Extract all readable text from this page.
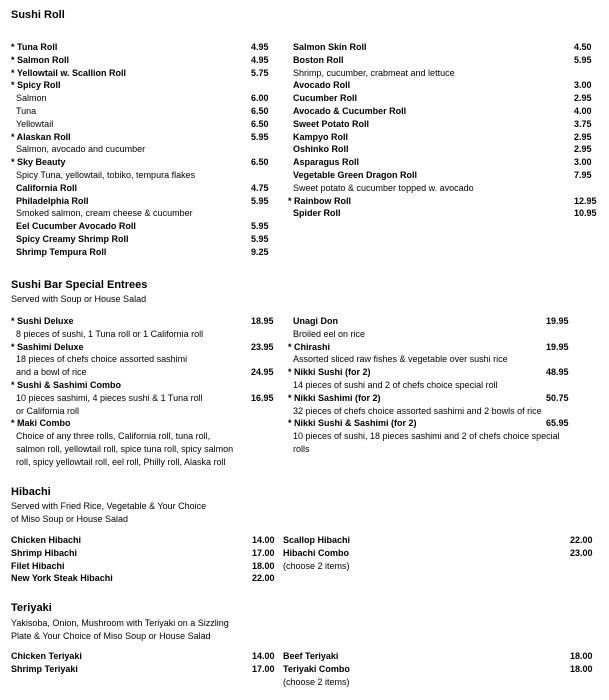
Sushi Roll
* Tuna Roll	4.95
* Salmon Roll	4.95
* Yellowtail w. Scallion Roll	5.75
* Spicy Roll
Salmon	6.00
Tuna	6.50
Yellowtail	6.50
* Alaskan Roll	5.95
Salmon, avocado and cucumber
* Sky Beauty	6.50
Spicy Tuna, yellowtail, tobiko, tempura flakes
California Roll	4.75
Philadelphia Roll	5.95
Smoked salmon, cream cheese & cucumber
Eel Cucumber Avocado Roll	5.95
Spicy Creamy Shrimp Roll	5.95
Shrimp Tempura Roll	9.25
Salmon Skin Roll	4.50
Boston Roll	5.95
Shrimp, cucumber, crabmeat and lettuce
Avocado Roll	3.00
Cucumber Roll	2.95
Avocado & Cucumber Roll	4.00
Sweet Potato Roll	3.75
Kampyo Roll	2.95
Oshinko Roll	2.95
Asparagus Roll	3.00
Vegetable Green Dragon Roll	7.95
Sweet potato & cucumber topped w. avocado
* Rainbow Roll	12.95
Spider Roll	10.95
Sushi Bar Special Entrees
Served with Soup or House Salad
* Sushi Deluxe	18.95
8 pieces of sushi, 1 Tuna roll or 1 California roll
* Sashimi Deluxe	23.95
18 pieces of chefs choice assorted sashimi
and a bowl of rice	24.95
* Sushi & Sashimi Combo
10 pieces sashimi, 4 pieces sushi & 1 Tuna roll	16.95
or California roll
* Maki Combo
Choice of any three rolls, California roll, tuna roll,
salmon roll, yellowtail roll, spice tuna roll, spicy salmon
roll, spicy yellowtail roll, eel roll, Philly roll, Alaska roll
Unagi Don	19.95
Broiled eel on rice
* Chirashi	19.95
Assorted sliced raw fishes & vegetable over sushi rice
* Nikki Sushi (for 2)	48.95
14 pieces of sushi and 2 of chefs choice special roll
* Nikki Sashimi (for 2)	50.75
32 pieces of chefs choice assorted sashimi and 2 bowls of rice
* Nikki Sushi & Sashimi (for 2)	65.95
10 pieces of sushi, 18 pieces sashimi and 2 of chefs choice special
rolls
Hibachi
Served with Fried Rice, Vegetable & Your Choice
of Miso Soup or House Salad
Chicken Hibachi	14.00
Shrimp Hibachi	17.00
Filet Hibachi	18.00
New York Steak Hibachi	22.00
Scallop Hibachi	22.00
Hibachi Combo	23.00
(choose 2 items)
Teriyaki
Yakisoba, Onion, Mushroom with Teriyaki on a Sizzling
Plate & Your Choice of Miso Soup or House Salad
Chicken Teriyaki	14.00
Shrimp Teriyaki	17.00
Beef Teriyaki	18.00
Teriyaki Combo	18.00
(choose 2 items)
